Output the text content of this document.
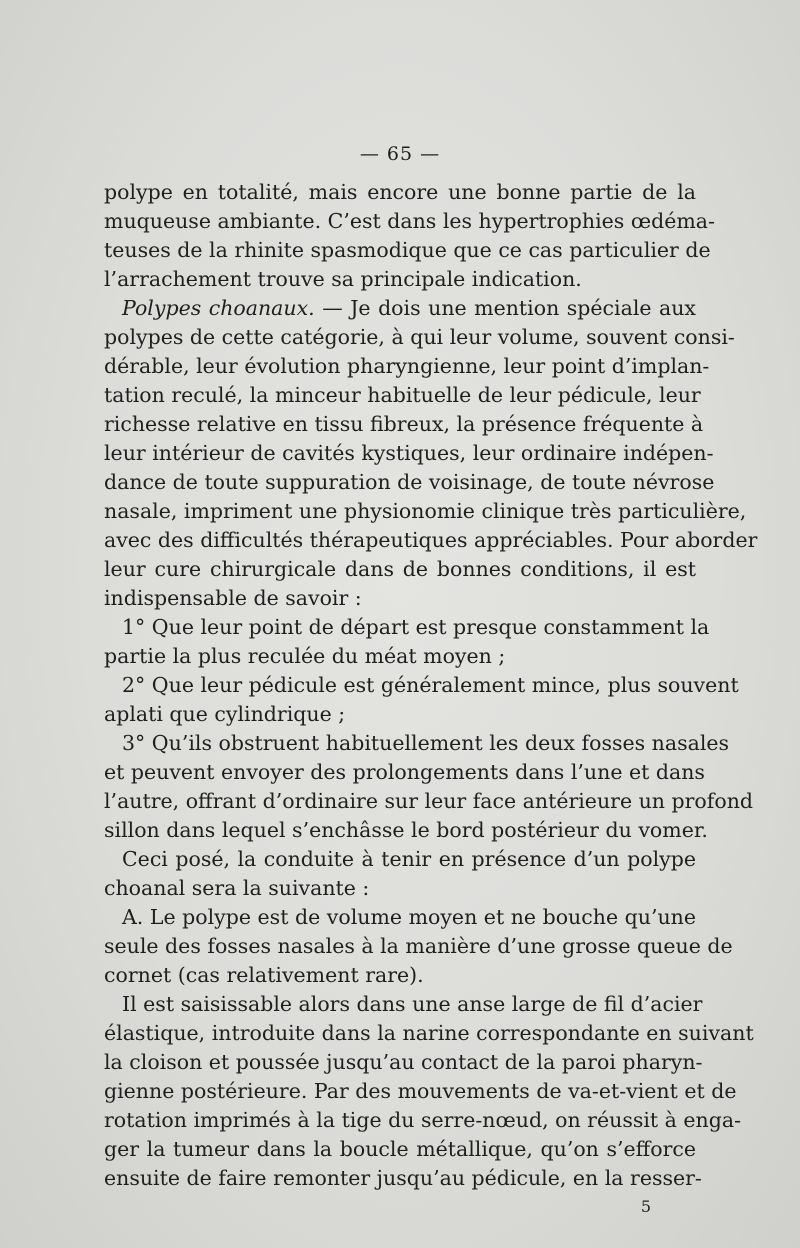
— 65 —
polype en totalité, mais encore une bonne partie de la
muqueuse ambiante. C’est dans les hypertrophies œdéma-
teuses de la rhinite spasmodique que ce cas particulier de
l’arrachement trouve sa principale indication.
Polypes choanaux. — Je dois une mention spéciale aux
polypes de cette catégorie, à qui leur volume, souvent consi-
dérable, leur évolution pharyngienne, leur point d’implan-
tation reculé, la minceur habituelle de leur pédicule, leur
richesse relative en tissu fibreux, la présence fréquente à
leur intérieur de cavités kystiques, leur ordinaire indépen-
dance de toute suppuration de voisinage, de toute névrose
nasale, impriment une physionomie clinique très particulière,
avec des difficultés thérapeutiques appréciables. Pour aborder
leur cure chirurgicale dans de bonnes conditions, il est
indispensable de savoir :
1° Que leur point de départ est presque constamment la
partie la plus reculée du méat moyen ;
2° Que leur pédicule est généralement mince, plus souvent
aplati que cylindrique ;
3° Qu’ils obstruent habituellement les deux fosses nasales
et peuvent envoyer des prolongements dans l’une et dans
l’autre, offrant d’ordinaire sur leur face antérieure un profond
sillon dans lequel s’enchâsse le bord postérieur du vomer.
Ceci posé, la conduite à tenir en présence d’un polype
choanal sera la suivante :
A. Le polype est de volume moyen et ne bouche qu’une
seule des fosses nasales à la manière d’une grosse queue de
cornet (cas relativement rare).
Il est saisissable alors dans une anse large de fil d’acier
élastique, introduite dans la narine correspondante en suivant
la cloison et poussée jusqu’au contact de la paroi pharyn-
gienne postérieure. Par des mouvements de va-et-vient et de
rotation imprimés à la tige du serre-nœud, on réussit à enga-
ger la tumeur dans la boucle métallique, qu’on s’efforce
ensuite de faire remonter jusqu’au pédicule, en la resser-
5
